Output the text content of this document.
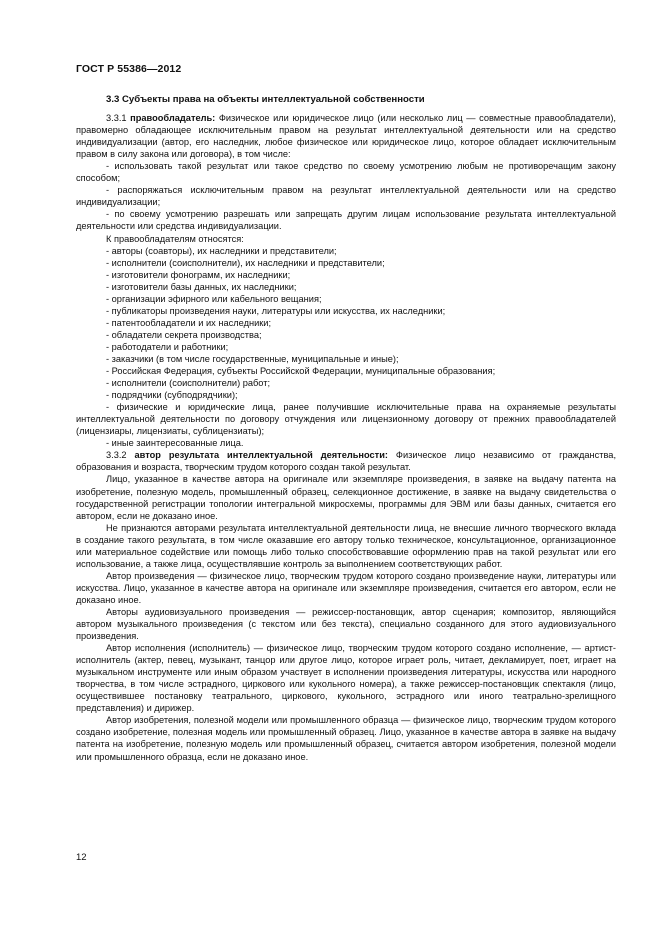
ГОСТ Р 55386—2012
3.3 Субъекты права на объекты интеллектуальной собственности

3.3.1 правообладатель: Физическое или юридическое лицо (или несколько лиц — совместные правообладатели), правомерно обладающее исключительным правом на результат интеллектуальной деятельности или на средство индивидуализации (автор, его наследник, любое физическое или юридическое лицо, которое обладает исключительным правом в силу закона или договора), в том числе:

- использовать такой результат или такое средство по своему усмотрению любым не противоречащим закону способом;

- распоряжаться исключительным правом на результат интеллектуальной деятельности или на средство индивидуализации;

- по своему усмотрению разрешать или запрещать другим лицам использование результата интеллектуальной деятельности или средства индивидуализации.

К правообладателям относятся:

- авторы (соавторы), их наследники и представители;

- исполнители (соисполнители), их наследники и представители;

- изготовители фонограмм, их наследники;

- изготовители базы данных, их наследники;

- организации эфирного или кабельного вещания;

- публикаторы произведения науки, литературы или искусства, их наследники;

- патентообладатели и их наследники;

- обладатели секрета производства;

- работодатели и работники;

- заказчики (в том числе государственные, муниципальные и иные);

- Российская Федерация, субъекты Российской Федерации, муниципальные образования;

- исполнители (соисполнители) работ;

- подрядчики (субподрядчики);

- физические и юридические лица, ранее получившие исключительные права на охраняемые результаты интеллектуальной деятельности по договору отчуждения или лицензионному договору от прежних правообладателей (лицензиары, лицензиаты, сублицензиаты);

- иные заинтересованные лица.

3.3.2 автор результата интеллектуальной деятельности: Физическое лицо независимо от гражданства, образования и возраста, творческим трудом которого создан такой результат.

Лицо, указанное в качестве автора на оригинале или экземпляре произведения, в заявке на выдачу патента на изобретение, полезную модель, промышленный образец, селекционное достижение, в заявке на выдачу свидетельства о государственной регистрации топологии интегральной микросхемы, программы для ЭВМ или базы данных, считается его автором, если не доказано иное.

Не признаются авторами результата интеллектуальной деятельности лица, не внесшие личного творческого вклада в создание такого результата, в том числе оказавшие его автору только техническое, консультационное, организационное или материальное содействие или помощь либо только способствовавшие оформлению прав на такой результат или его использование, а также лица, осуществлявшие контроль за выполнением соответствующих работ.

Автор произведения — физическое лицо, творческим трудом которого создано произведение науки, литературы или искусства. Лицо, указанное в качестве автора на оригинале или экземпляре произведения, считается его автором, если не доказано иное.

Авторы аудиовизуального произведения — режиссер-постановщик, автор сценария; композитор, являющийся автором музыкального произведения (с текстом или без текста), специально созданного для этого аудиовизуального произведения.

Автор исполнения (исполнитель) — физическое лицо, творческим трудом которого создано исполнение, — артист-исполнитель (актер, певец, музыкант, танцор или другое лицо, которое играет роль, читает, декламирует, поет, играет на музыкальном инструменте или иным образом участвует в исполнении произведения литературы, искусства или народного творчества, в том числе эстрадного, циркового или кукольного номера), а также режиссер-постановщик спектакля (лицо, осуществившее постановку театрального, циркового, кукольного, эстрадного или иного театрально-зрелищного представления) и дирижер.

Автор изобретения, полезной модели или промышленного образца — физическое лицо, творческим трудом которого создано изобретение, полезная модель или промышленный образец. Лицо, указанное в качестве автора в заявке на выдачу патента на изобретение, полезную модель или промышленный образец, считается автором изобретения, полезной модели или промышленного образца, если не доказано иное.

12
